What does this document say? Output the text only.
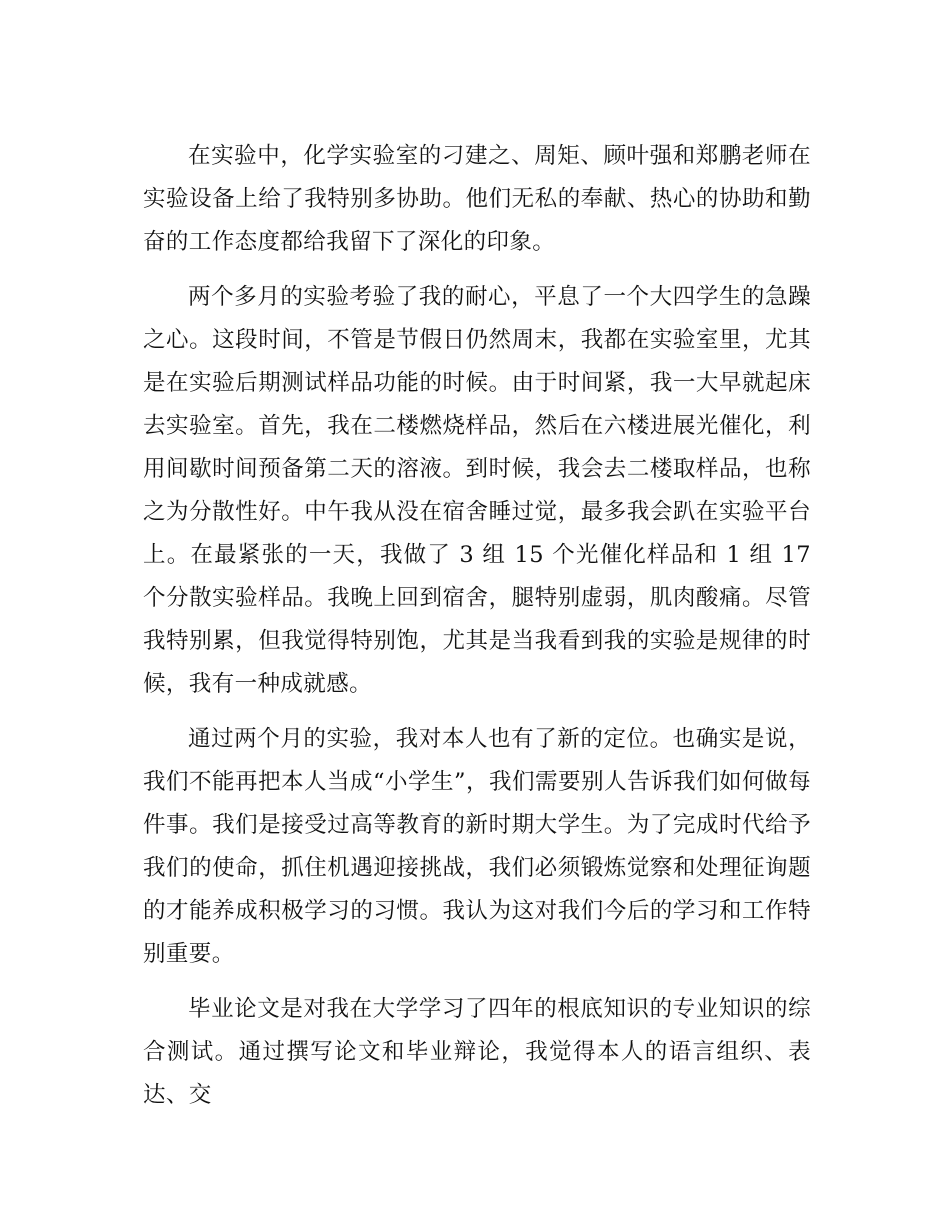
在实验中，化学实验室的刁建之、周矩、顾叶强和郑鹏老师在实验设备上给了我特别多协助。他们无私的奉献、热心的协助和勤奋的工作态度都给我留下了深化的印象。

两个多月的实验考验了我的耐心，平息了一个大四学生的急躁之心。这段时间，不管是节假日仍然周末，我都在实验室里，尤其是在实验后期测试样品功能的时候。由于时间紧，我一大早就起床去实验室。首先，我在二楼燃烧样品，然后在六楼进展光催化，利用间歇时间预备第二天的溶液。到时候，我会去二楼取样品，也称之为分散性好。中午我从没在宿舍睡过觉，最多我会趴在实验平台上。在最紧张的一天，我做了 3 组 15 个光催化样品和 1 组 17 个分散实验样品。我晚上回到宿舍，腿特别虚弱，肌肉酸痛。尽管我特别累，但我觉得特别饱，尤其是当我看到我的实验是规律的时候，我有一种成就感。

通过两个月的实验，我对本人也有了新的定位。也确实是说，我们不能再把本人当成“小学生”，我们需要别人告诉我们如何做每件事。我们是接受过高等教育的新时期大学生。为了完成时代给予我们的使命，抓住机遇迎接挑战，我们必须锻炼觉察和处理征询题的才能养成积极学习的习惯。我认为这对我们今后的学习和工作特别重要。

毕业论文是对我在大学学习了四年的根底知识的专业知识的综合测试。通过撰写论文和毕业辩论，我觉得本人的语言组织、表达、交
